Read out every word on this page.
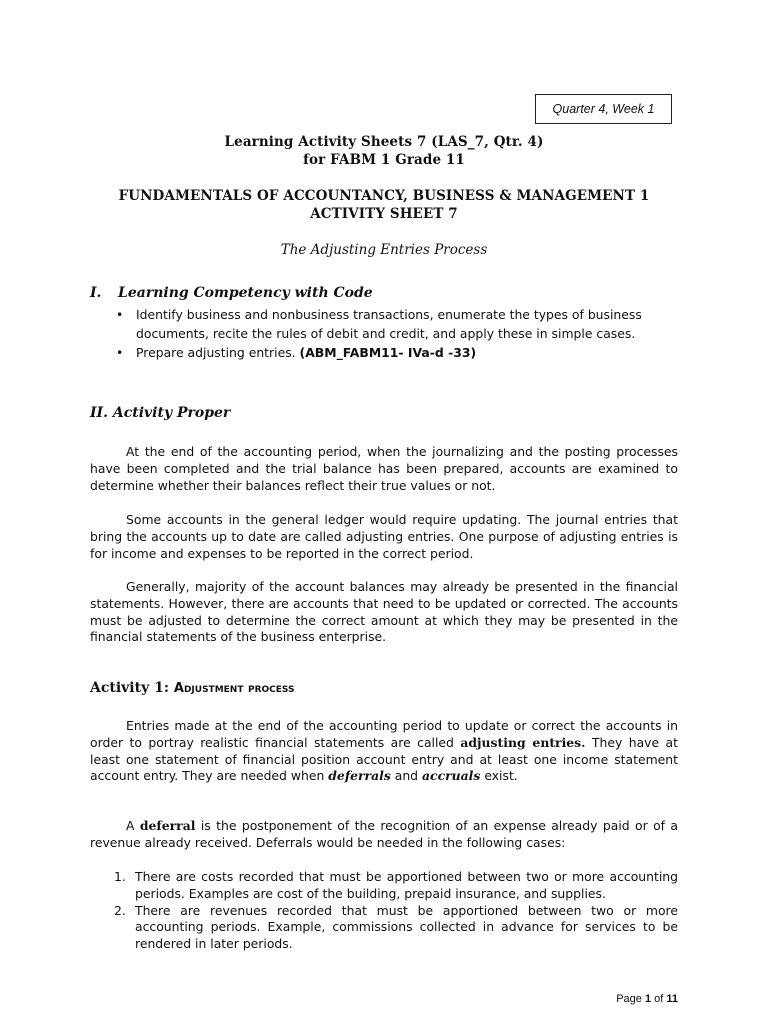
Quarter 4, Week 1
Learning Activity Sheets 7 (LAS_7, Qtr. 4)
for FABM 1 Grade 11
FUNDAMENTALS OF ACCOUNTANCY, BUSINESS & MANAGEMENT 1
ACTIVITY SHEET 7
The Adjusting Entries Process
I. Learning Competency with Code
• Identify business and nonbusiness transactions, enumerate the types of business documents, recite the rules of debit and credit, and apply these in simple cases.
• Prepare adjusting entries. (ABM_FABM11- IVa-d -33)
II. Activity Proper
At the end of the accounting period, when the journalizing and the posting processes have been completed and the trial balance has been prepared, accounts are examined to determine whether their balances reflect their true values or not.
Some accounts in the general ledger would require updating. The journal entries that bring the accounts up to date are called adjusting entries. One purpose of adjusting entries is for income and expenses to be reported in the correct period.
Generally, majority of the account balances may already be presented in the financial statements. However, there are accounts that need to be updated or corrected. The accounts must be adjusted to determine the correct amount at which they may be presented in the financial statements of the business enterprise.
Activity 1: Adjustment process
Entries made at the end of the accounting period to update or correct the accounts in order to portray realistic financial statements are called adjusting entries. They have at least one statement of financial position account entry and at least one income statement account entry. They are needed when deferrals and accruals exist.
A deferral is the postponement of the recognition of an expense already paid or of a revenue already received. Deferrals would be needed in the following cases:
1. There are costs recorded that must be apportioned between two or more accounting periods. Examples are cost of the building, prepaid insurance, and supplies.
2. There are revenues recorded that must be apportioned between two or more accounting periods. Example, commissions collected in advance for services to be rendered in later periods.
Page 1 of 11
